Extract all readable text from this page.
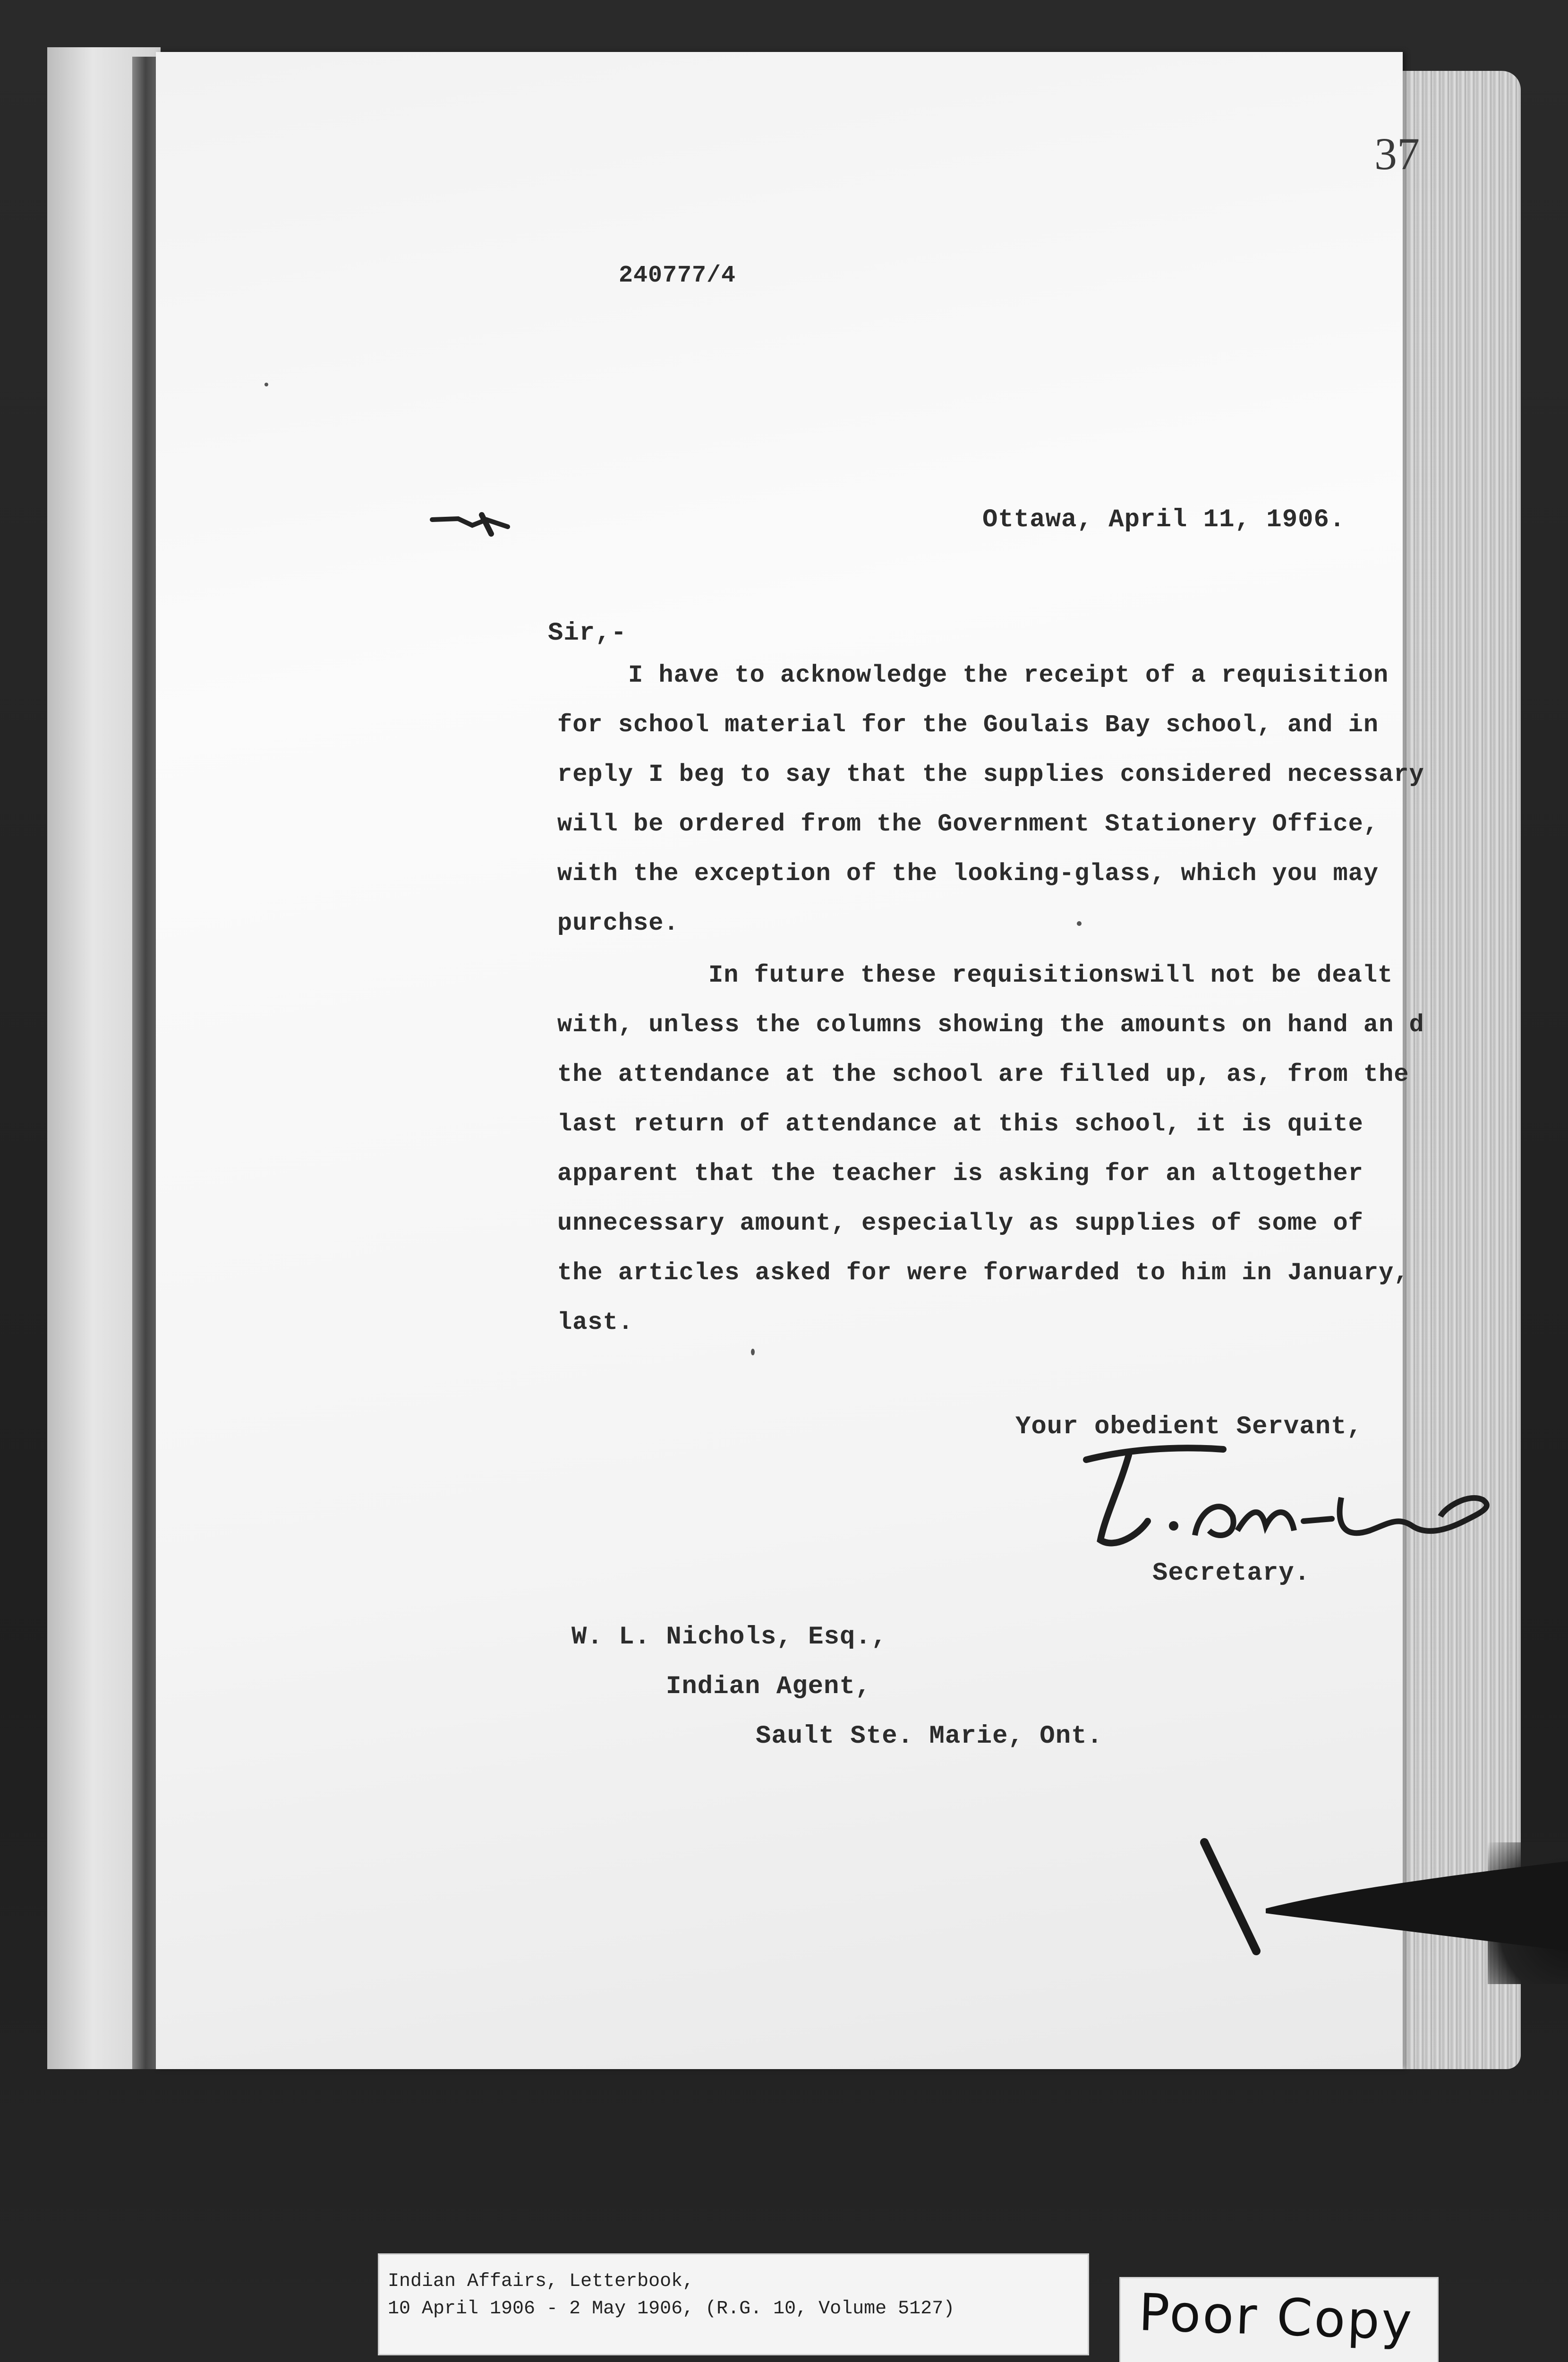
37
240777/4
Ottawa, April 11, 1906.
Sir,-
I have to acknowledge the receipt of a requisition
for school material for the Goulais Bay school, and in
reply I beg to say that the supplies considered necessary
will be ordered from the Government Stationery Office,
with the exception of the looking-glass, which you may
purchse.
In future these requisitionswill not be dealt
with, unless the columns showing the amounts on hand an d
the attendance at the school are filled up, as, from the
last return of attendance at this school, it is quite
apparent that the teacher is asking for an altogether
unnecessary amount, especially as supplies of some of
the articles asked for were forwarded to him in January,
last.
Your obedient Servant,
Secretary.
W. L. Nichols, Esq.,
Indian Agent,
Sault Ste. Marie, Ont.
Indian Affairs, Letterbook,
10 April 1906 - 2 May 1906, (R.G. 10, Volume 5127)	Poor Copy
